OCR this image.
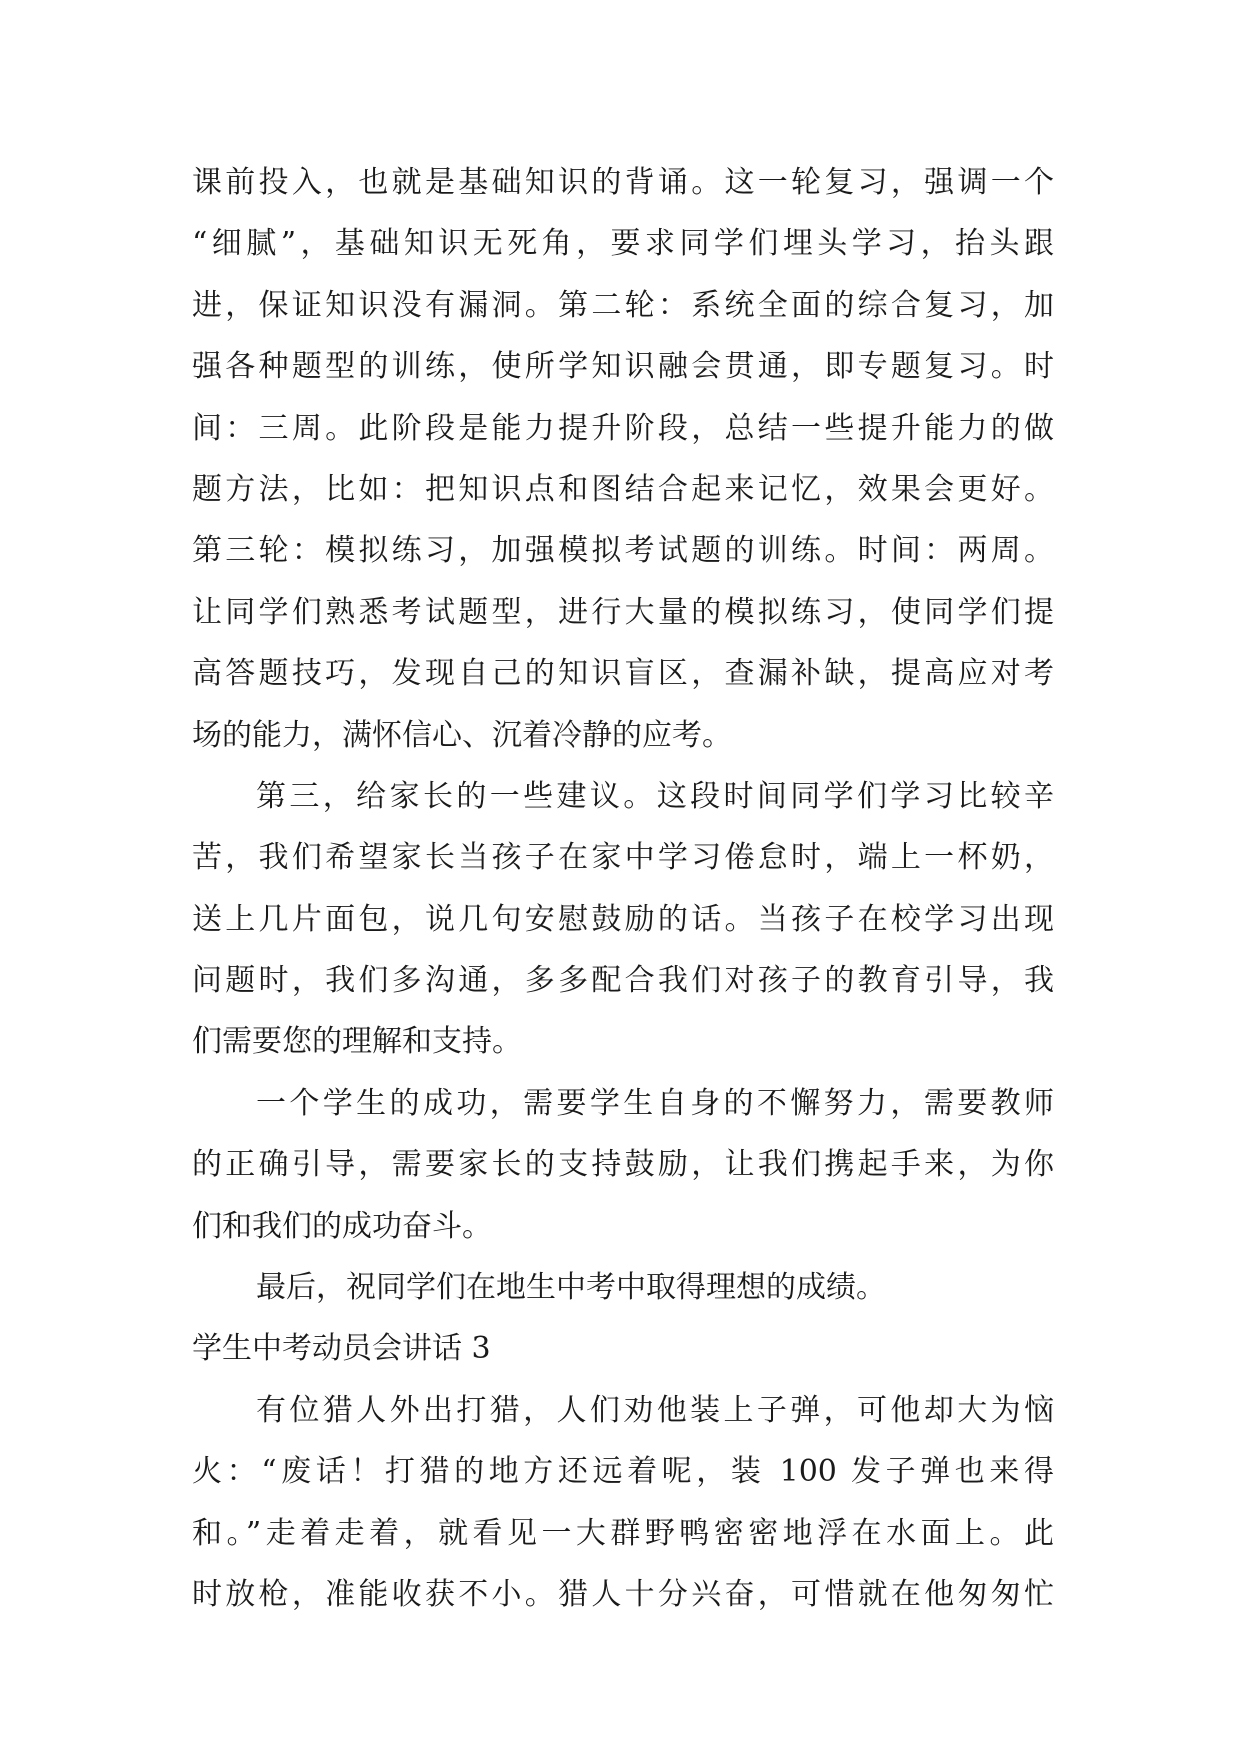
课前投入，也就是基础知识的背诵。这一轮复习，强调一个
“细腻”，基础知识无死角，要求同学们埋头学习，抬头跟
进，保证知识没有漏洞。第二轮：系统全面的综合复习，加
强各种题型的训练，使所学知识融会贯通，即专题复习。时
间：三周。此阶段是能力提升阶段，总结一些提升能力的做
题方法，比如：把知识点和图结合起来记忆，效果会更好。
第三轮：模拟练习，加强模拟考试题的训练。时间：两周。
让同学们熟悉考试题型，进行大量的模拟练习，使同学们提
高答题技巧，发现自己的知识盲区，查漏补缺，提高应对考
场的能力，满怀信心、沉着冷静的应考。
第三，给家长的一些建议。这段时间同学们学习比较辛
苦，我们希望家长当孩子在家中学习倦怠时，端上一杯奶，
送上几片面包，说几句安慰鼓励的话。当孩子在校学习出现
问题时，我们多沟通，多多配合我们对孩子的教育引导，我
们需要您的理解和支持。
一个学生的成功，需要学生自身的不懈努力，需要教师
的正确引导，需要家长的支持鼓励，让我们携起手来，为你
们和我们的成功奋斗。
最后，祝同学们在地生中考中取得理想的成绩。
学生中考动员会讲话 3
有位猎人外出打猎，人们劝他装上子弹，可他却大为恼
火：“废话！打猎的地方还远着呢，装 100 发子弹也来得
和。”走着走着，就看见一大群野鸭密密地浮在水面上。此
时放枪，准能收获不小。猎人十分兴奋，可惜就在他匆匆忙
